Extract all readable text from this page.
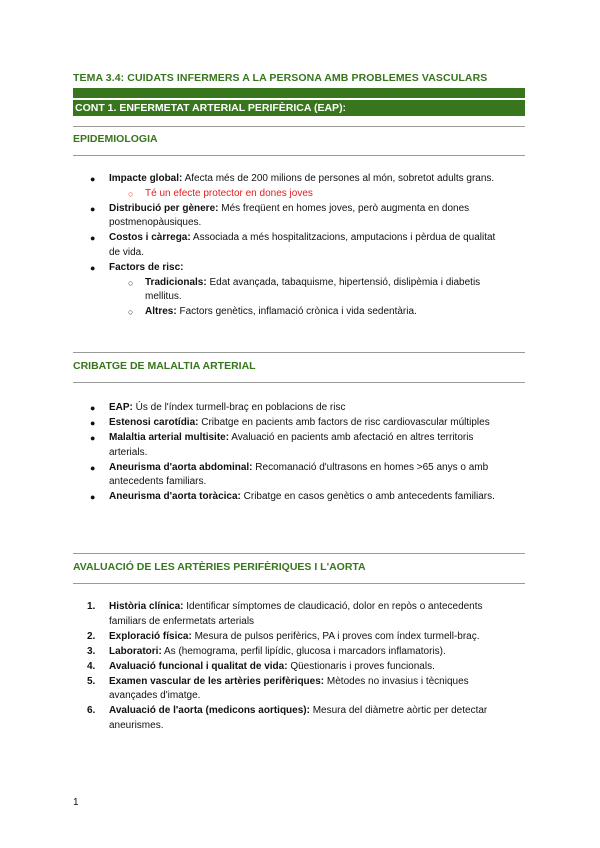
TEMA 3.4: CUIDATS INFERMERS A LA PERSONA AMB PROBLEMES VASCULARS
CONT 1. ENFERMETAT ARTERIAL PERIFÈRICA (EAP):
EPIDEMIOLOGIA
● Impacte global: Afecta més de 200 milions de persones al món, sobretot adults grans.
○ Té un efecte protector en dones joves
● Distribució per gènere: Més freqüent en homes joves, però augmenta en dones postmenopàusiques.
● Costos i càrrega: Associada a més hospitalitzacions, amputacions i pèrdua de qualitat de vida.
● Factors de risc:
○ Tradicionals: Edat avançada, tabaquisme, hipertensió, dislipèmia i diabetis mellitus.
○ Altres: Factors genètics, inflamació crònica i vida sedentària.
CRIBATGE DE MALALTIA ARTERIAL
● EAP: Ús de l'índex turmell-braç en poblacions de risc
● Estenosi carotídia: Cribatge en pacients amb factors de risc cardiovascular múltiples
● Malaltia arterial multisite: Avaluació en pacients amb afectació en altres territoris arterials.
● Aneurisma d'aorta abdominal: Recomanació d'ultrasons en homes >65 anys o amb antecedents familiars.
● Aneurisma d'aorta toràcica: Cribatge en casos genètics o amb antecedents familiars.
AVALUACIÓ DE LES ARTÈRIES PERIFÈRIQUES I L'AORTA
1. Història clínica: Identificar símptomes de claudicació, dolor en repòs o antecedents familiars de enfermetats arterials
2. Exploració física: Mesura de pulsos perifèrics, PA i proves com índex turmell-braç.
3. Laboratori: As (hemograma, perfil lipídic, glucosa i marcadors inflamatoris).
4. Avaluació funcional i qualitat de vida: Qüestionaris i proves funcionals.
5. Examen vascular de les artèries perifèriques: Mètodes no invasius i tècniques avançades d'imatge.
6. Avaluació de l'aorta (medicons aortiques): Mesura del diàmetre aòrtic per detectar aneurismes.
1
